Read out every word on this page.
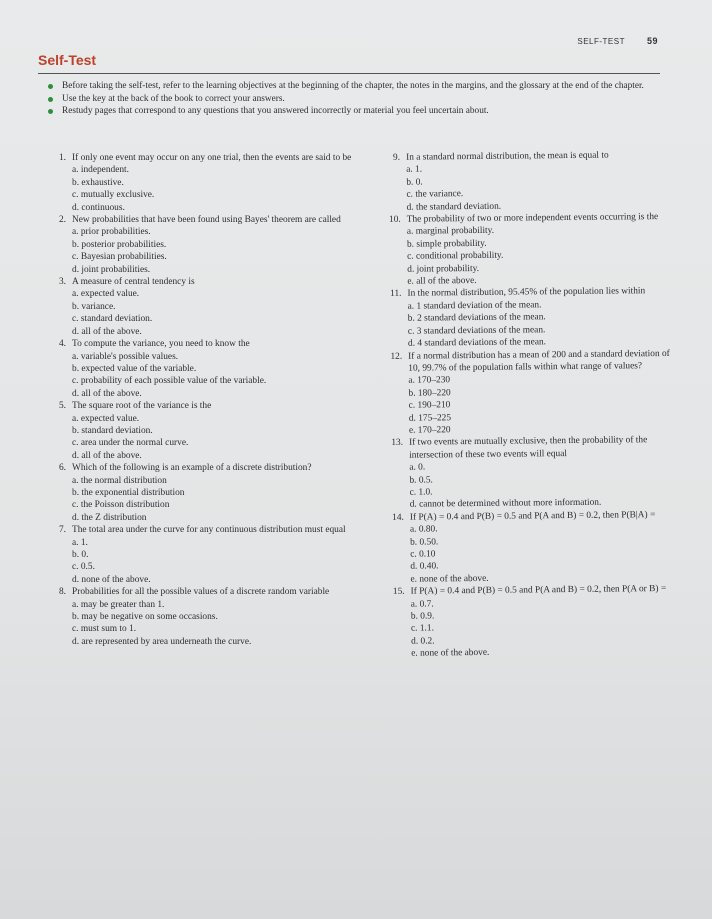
SELF-TEST 59
Self-Test
Before taking the self-test, refer to the learning objectives at the beginning of the chapter, the notes in the margins, and the glossary at the end of the chapter.
Use the key at the back of the book to correct your answers.
Restudy pages that correspond to any questions that you answered incorrectly or material you feel uncertain about.
1. If only one event may occur on any one trial, then the events are said to be
a. independent.
b. exhaustive.
c. mutually exclusive.
d. continuous.
2. New probabilities that have been found using Bayes' theorem are called
a. prior probabilities.
b. posterior probabilities.
c. Bayesian probabilities.
d. joint probabilities.
3. A measure of central tendency is
a. expected value.
b. variance.
c. standard deviation.
d. all of the above.
4. To compute the variance, you need to know the
a. variable's possible values.
b. expected value of the variable.
c. probability of each possible value of the variable.
d. all of the above.
5. The square root of the variance is the
a. expected value.
b. standard deviation.
c. area under the normal curve.
d. all of the above.
6. Which of the following is an example of a discrete distribution?
a. the normal distribution
b. the exponential distribution
c. the Poisson distribution
d. the Z distribution
7. The total area under the curve for any continuous distribution must equal
a. 1.
b. 0.
c. 0.5.
d. none of the above.
8. Probabilities for all the possible values of a discrete random variable
a. may be greater than 1.
b. may be negative on some occasions.
c. must sum to 1.
d. are represented by area underneath the curve.
9. In a standard normal distribution, the mean is equal to
a. 1.
b. 0.
c. the variance.
d. the standard deviation.
10. The probability of two or more independent events occurring is the
a. marginal probability.
b. simple probability.
c. conditional probability.
d. joint probability.
e. all of the above.
11. In the normal distribution, 95.45% of the population lies within
a. 1 standard deviation of the mean.
b. 2 standard deviations of the mean.
c. 3 standard deviations of the mean.
d. 4 standard deviations of the mean.
12. If a normal distribution has a mean of 200 and a standard deviation of 10, 99.7% of the population falls within what range of values?
a. 170–230
b. 180–220
c. 190–210
d. 175–225
e. 170–220
13. If two events are mutually exclusive, then the probability of the intersection of these two events will equal
a. 0.
b. 0.5.
c. 1.0.
d. cannot be determined without more information.
14. If P(A) = 0.4 and P(B) = 0.5 and P(A and B) = 0.2, then P(B|A) =
a. 0.80.
b. 0.50.
c. 0.10
d. 0.40.
e. none of the above.
15. If P(A) = 0.4 and P(B) = 0.5 and P(A and B) = 0.2, then P(A or B) =
a. 0.7.
b. 0.9.
c. 1.1.
d. 0.2.
e. none of the above.
